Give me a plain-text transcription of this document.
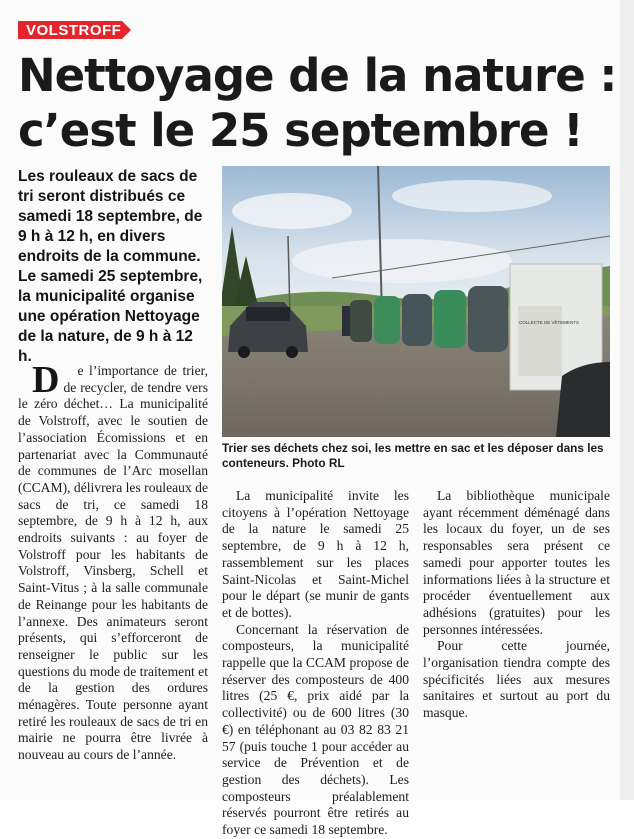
VOLSTROFF
Nettoyage de la nature :
c’est le 25 septembre !

Les rouleaux de sacs de tri seront distribués ce samedi 18 septembre, de 9 h à 12 h, en divers endroits de la commune. Le samedi 25 septembre, la municipalité organise une opération Nettoyage de la nature, de 9 h à 12 h.

COLLECTE DE VÊTEMENTS

Trier ses déchets chez soi, les mettre en sac et les déposer dans les conteneurs. Photo RL

D e l’importance de trier, de recycler, de tendre vers le zéro déchet… La municipalité de Volstroff, avec le soutien de l’association Écomissions et en partenariat avec la Communauté de communes de l’Arc mosellan (CCAM), délivrera les rouleaux de sacs de tri, ce samedi 18 septembre, de 9 h à 12 h, aux endroits suivants : au foyer de Volstroff pour les habitants de Volstroff, Vinsberg, Schell et Saint-Vitus ; à la salle communale de Reinange pour les habitants de l’annexe. Des animateurs seront présents, qui s’efforceront de renseigner le public sur les questions du mode de traitement et de la gestion des ordures ménagères. Toute personne ayant retiré les rouleaux de sacs de tri en mairie ne pourra être livrée à nouveau au cours de l’année.

La municipalité invite les citoyens à l’opération Nettoyage de la nature le samedi 25 septembre, de 9 h à 12 h, rassemblement sur les places Saint-Nicolas et Saint-Michel pour le départ (se munir de gants et de bottes).

Concernant la réservation de composteurs, la municipalité rappelle que la CCAM propose de réserver des composteurs de 400 litres (25 €, prix aidé par la collectivité) ou de 600 litres (30 €) en téléphonant au 03 82 83 21 57 (puis touche 1 pour accéder au service de Prévention et de gestion des déchets). Les composteurs préalablement réservés pourront être retirés au foyer ce samedi 18 septembre.

La bibliothèque municipale ayant récemment déménagé dans les locaux du foyer, un de ses responsables sera présent ce samedi pour apporter toutes les informations liées à la structure et procéder éventuellement aux adhésions (gratuites) pour les personnes intéressées.

Pour cette journée, l’organisation tiendra compte des spécificités liées aux mesures sanitaires et surtout au port du masque.
